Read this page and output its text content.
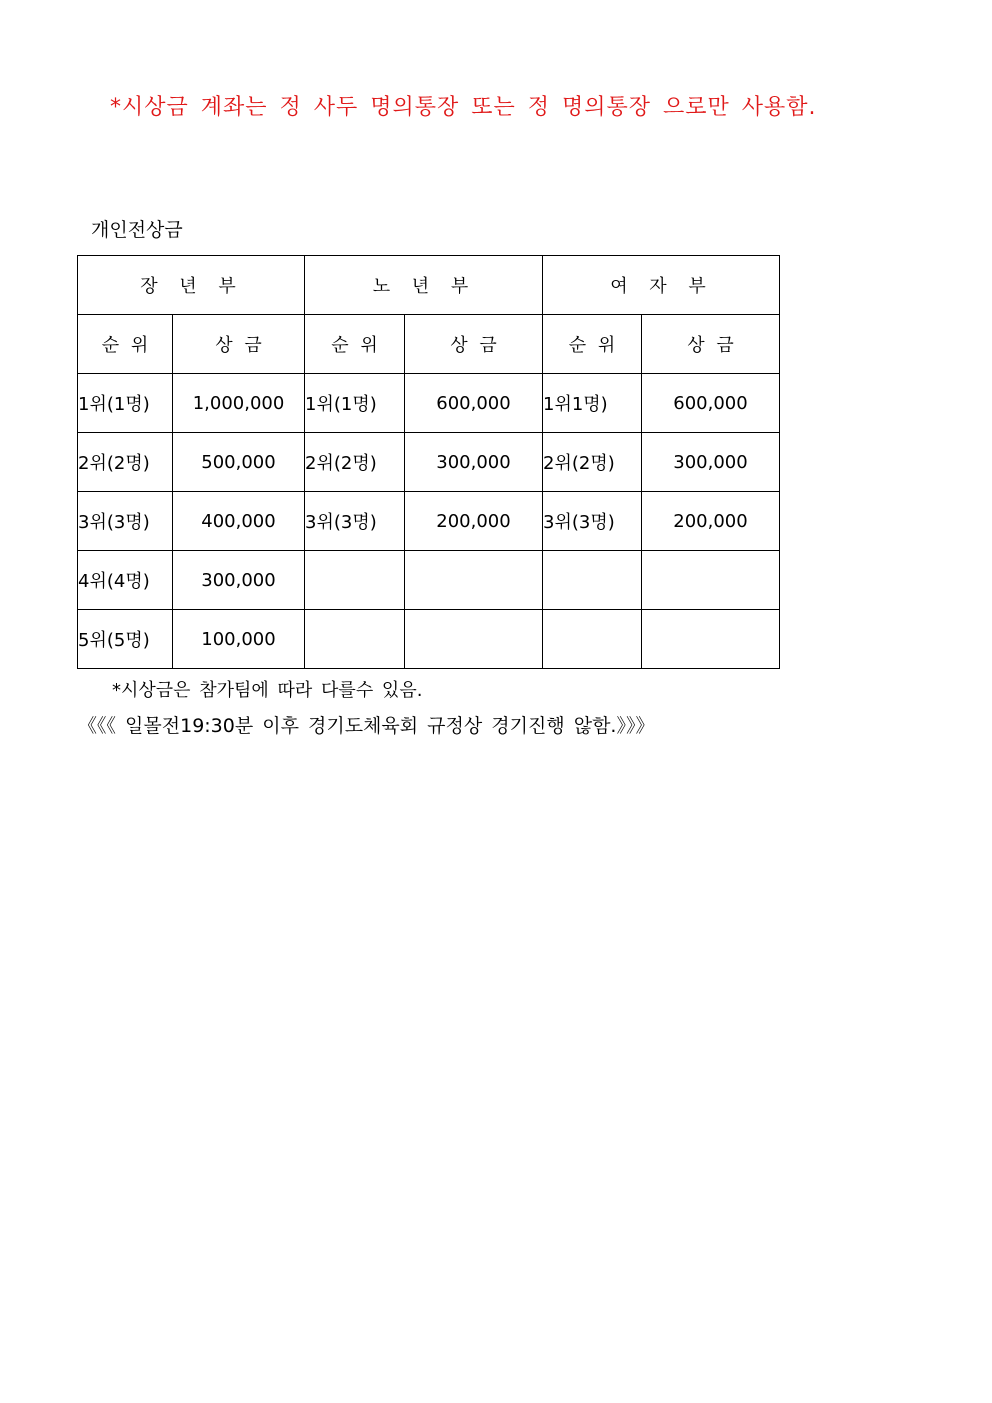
*시상금 계좌는 정 사두 명의통장 또는 정 명의통장 으로만 사용함.
개인전상금
장 년 부		노 년 부		여 자 부	
순 위	상 금	순 위	상 금	순 위	상 금
1위(1명)	1,000,000	1위(1명)	600,000	1위1명)	600,000
2위(2명)	500,000	2위(2명)	300,000	2위(2명)	300,000
3위(3명)	400,000	3위(3명)	200,000	3위(3명)	200,000
4위(4명)	300,000				
5위(5명)	100,000				
*시상금은 참가팀에 따라 다를수 있음.
《《《 일몰전19:30분 이후 경기도체육회 규정상 경기진행 않함.》》》
